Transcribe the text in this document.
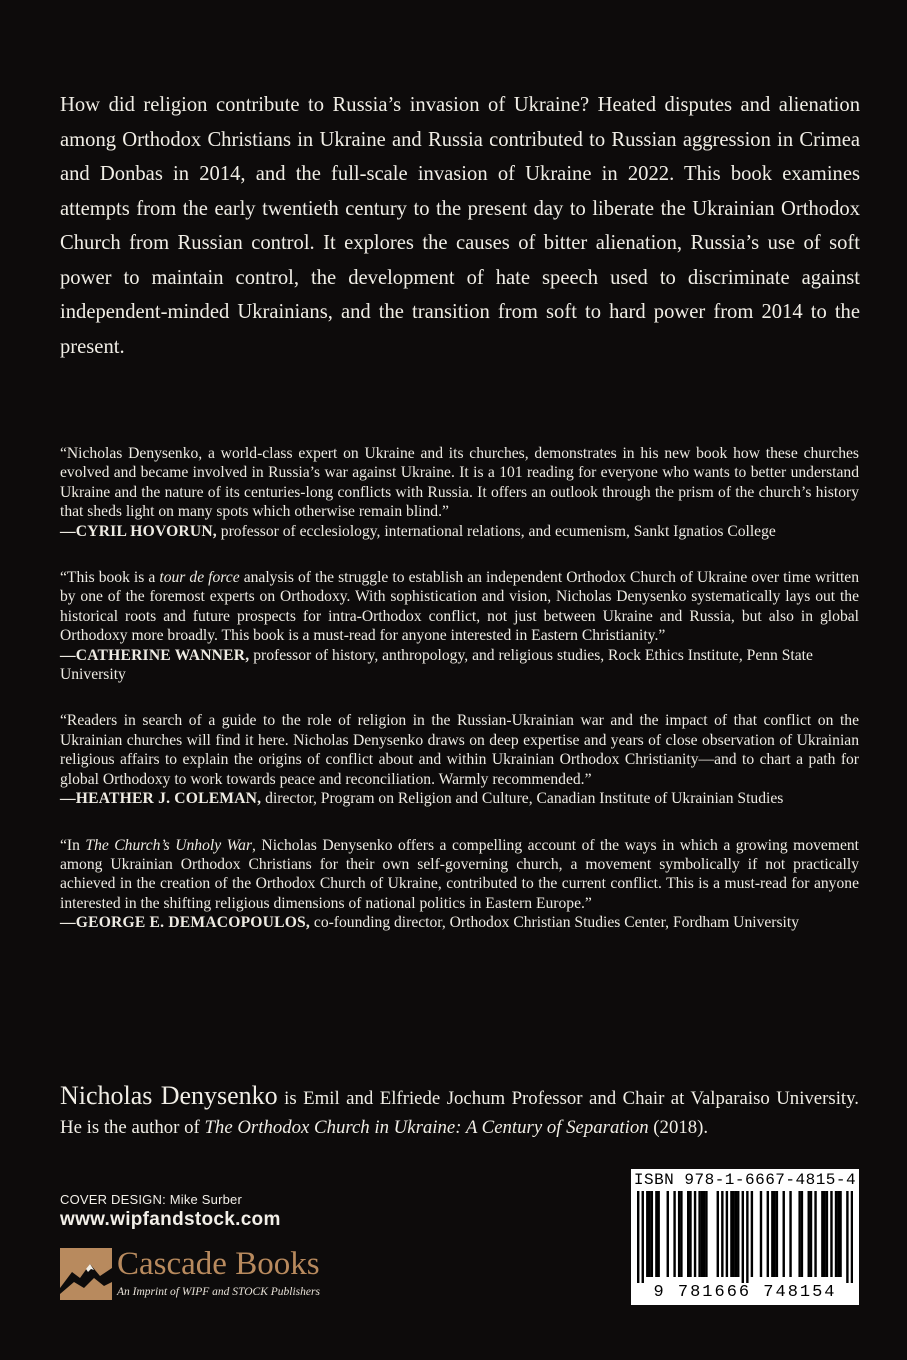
How did religion contribute to Russia’s invasion of Ukraine? Heated disputes and alienation among Orthodox Christians in Ukraine and Russia contributed to Russian aggression in Crimea and Donbas in 2014, and the full-scale invasion of Ukraine in 2022. This book examines attempts from the early twentieth century to the present day to liberate the Ukrainian Orthodox Church from Russian control. It explores the causes of bitter alienation, Russia’s use of soft power to maintain control, the development of hate speech used to discriminate against independent-minded Ukrainians, and the transition from soft to hard power from 2014 to the present.

“Nicholas Denysenko, a world-class expert on Ukraine and its churches, demonstrates in his new book how these churches evolved and became involved in Russia’s war against Ukraine. It is a 101 reading for everyone who wants to better understand Ukraine and the nature of its centuries-long conflicts with Russia. It offers an outlook through the prism of the church’s history that sheds light on many spots which otherwise remain blind.”

—CYRIL HOVORUN, professor of ecclesiology, international relations, and ecumenism, Sankt Ignatios College

“This book is a tour de force analysis of the struggle to establish an independent Orthodox Church of Ukraine over time written by one of the foremost experts on Orthodoxy. With sophistication and vision, Nicholas Denysenko systematically lays out the historical roots and future prospects for intra-Orthodox conflict, not just between Ukraine and Russia, but also in global Orthodoxy more broadly. This book is a must-read for anyone interested in Eastern Christianity.”

—CATHERINE WANNER, professor of history, anthropology, and religious studies, Rock Ethics Institute, Penn State University

“Readers in search of a guide to the role of religion in the Russian-Ukrainian war and the impact of that conflict on the Ukrainian churches will find it here. Nicholas Denysenko draws on deep expertise and years of close observation of Ukrainian religious affairs to explain the origins of conflict about and within Ukrainian Orthodox Christianity—and to chart a path for global Orthodoxy to work towards peace and reconciliation. Warmly recommended.”

—HEATHER J. COLEMAN, director, Program on Religion and Culture, Canadian Institute of Ukrainian Studies

“In The Church’s Unholy War, Nicholas Denysenko offers a compelling account of the ways in which a growing movement among Ukrainian Orthodox Christians for their own self-governing church, a movement symbolically if not practically achieved in the creation of the Orthodox Church of Ukraine, contributed to the current conflict. This is a must-read for anyone interested in the shifting religious dimensions of national politics in Eastern Europe.”

—GEORGE E. DEMACOPOULOS, co-founding director, Orthodox Christian Studies Center, Fordham University

Nicholas Denysenko is Emil and Elfriede Jochum Professor and Chair at Valparaiso University. He is the author of The Orthodox Church in Ukraine: A Century of Separation (2018).

COVER DESIGN: Mike Surber

www.wipfandstock.com

Cascade Books

An Imprint of WIPF and STOCK Publishers

ISBN 978-1-6667-4815-4

9 781666 748154
